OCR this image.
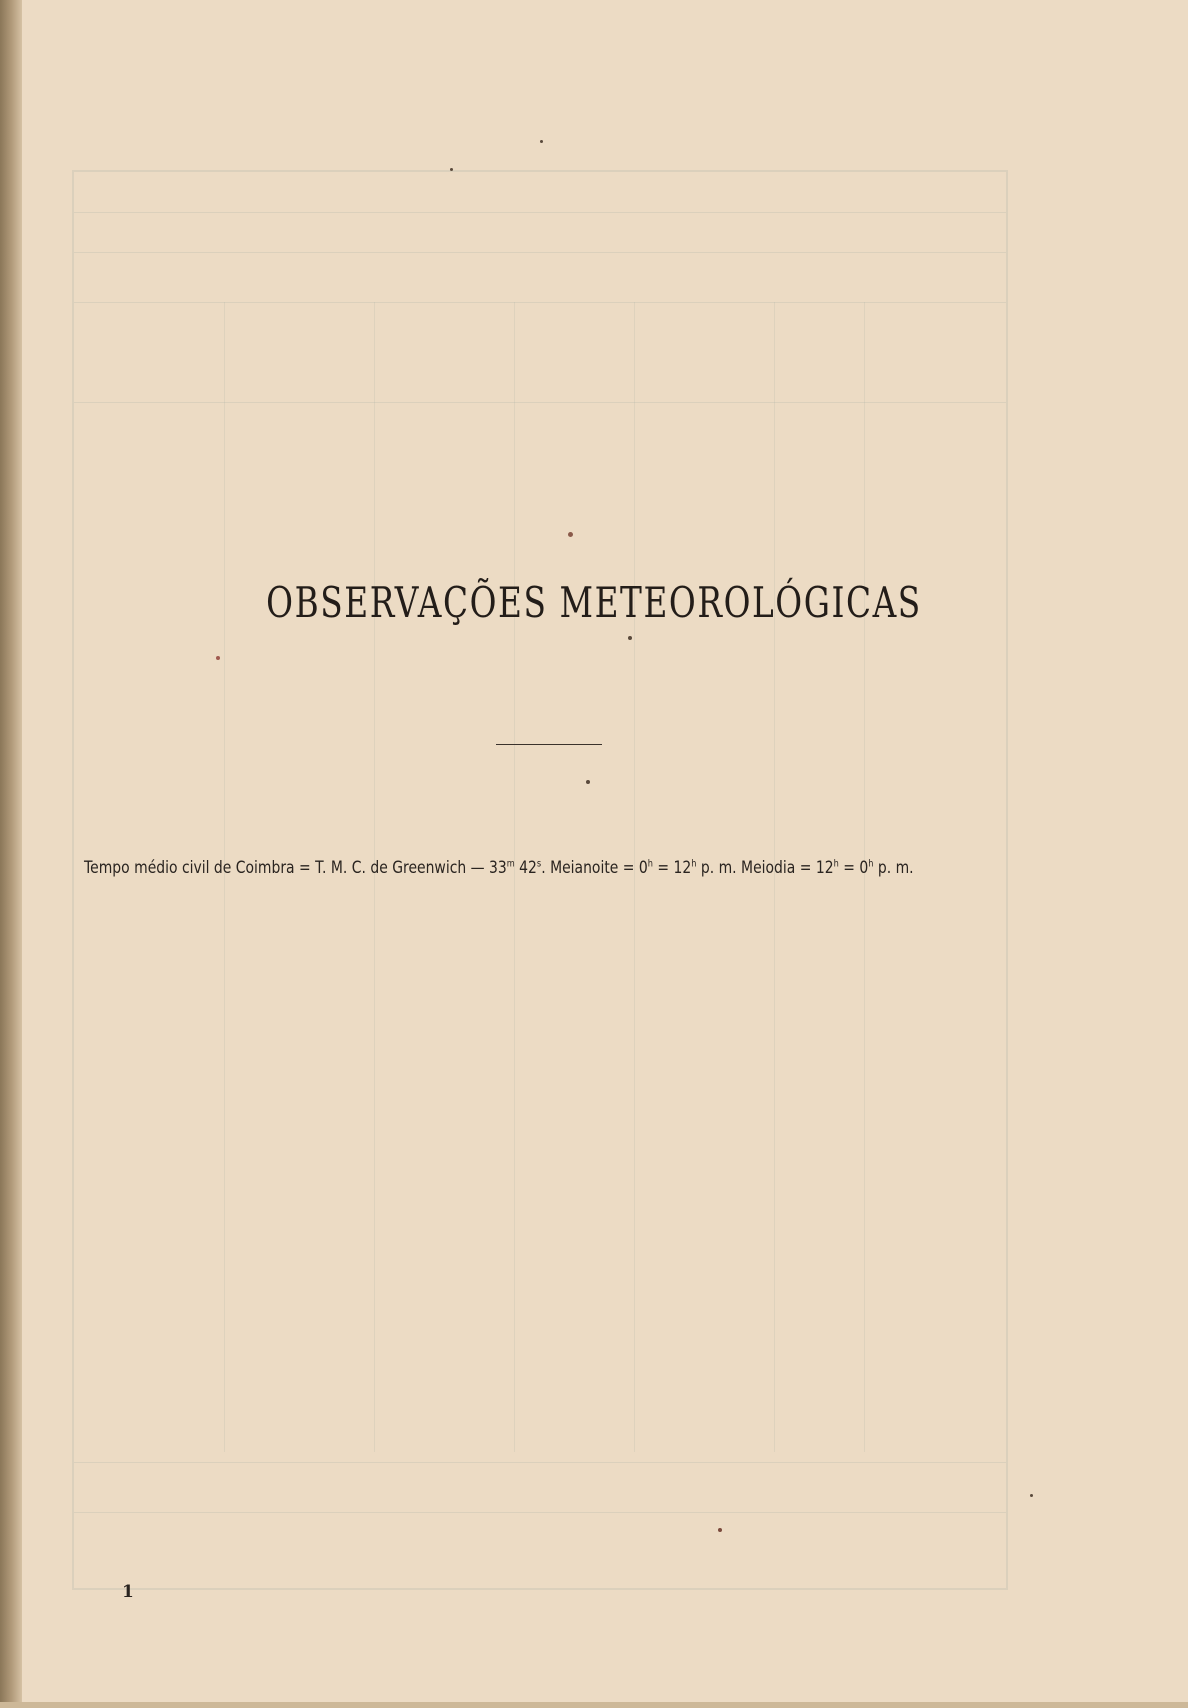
OBSERVAÇÕES METEOROLÓGICAS
Tempo médio civil de Coimbra = T. M. C. de Greenwich — 33$^m$ 42$^s$. Meianoite = $0^h = 12^h$ p. m. Meiodia = $12^h = 0^h$ p. m.
1
